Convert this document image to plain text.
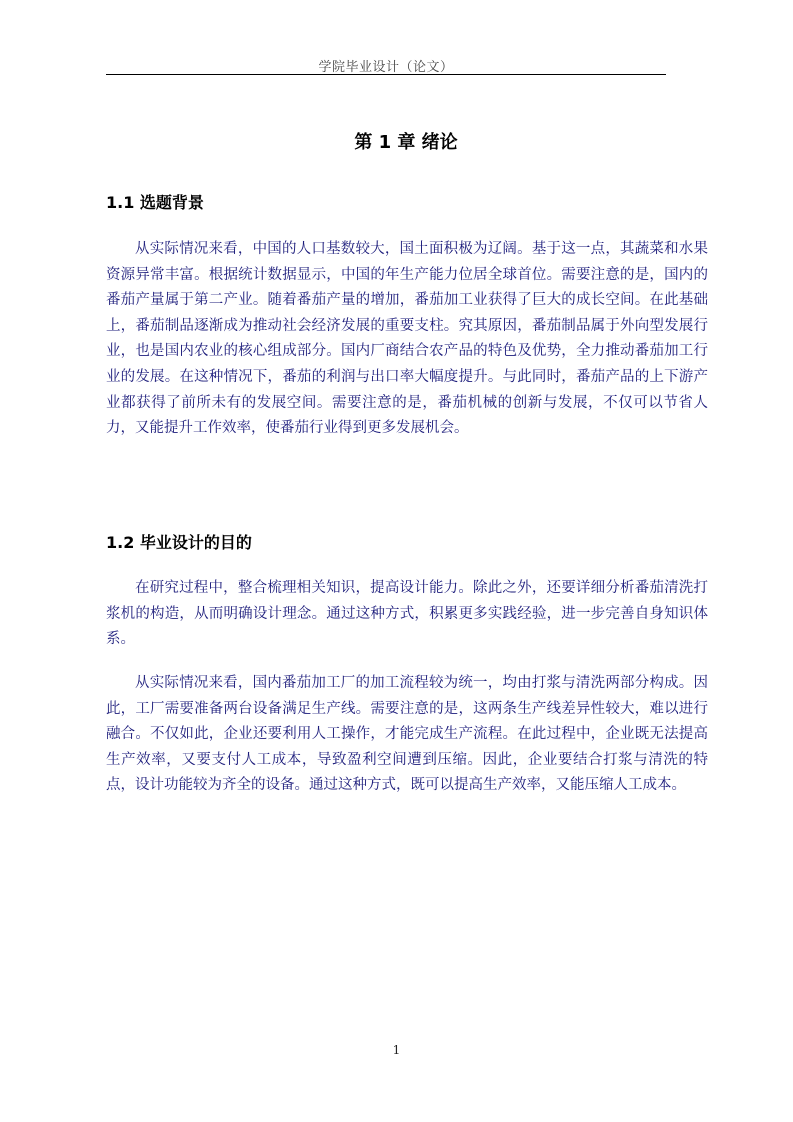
学院毕业设计（论文）
第 1 章 绪论
1.1 选题背景

从实际情况来看，中国的人口基数较大，国土面积极为辽阔。基于这一点，其蔬菜和水果资源异常丰富。根据统计数据显示，中国的年生产能力位居全球首位。需要注意的是，国内的番茄产量属于第二产业。随着番茄产量的增加，番茄加工业获得了巨大的成长空间。在此基础上，番茄制品逐渐成为推动社会经济发展的重要支柱。究其原因，番茄制品属于外向型发展行业，也是国内农业的核心组成部分。国内厂商结合农产品的特色及优势，全力推动番茄加工行业的发展。在这种情况下，番茄的利润与出口率大幅度提升。与此同时，番茄产品的上下游产业都获得了前所未有的发展空间。需要注意的是，番茄机械的创新与发展，不仅可以节省人力，又能提升工作效率，使番茄行业得到更多发展机会。

1.2 毕业设计的目的

在研究过程中，整合梳理相关知识，提高设计能力。除此之外，还要详细分析番茄清洗打浆机的构造，从而明确设计理念。通过这种方式，积累更多实践经验，进一步完善自身知识体系。

从实际情况来看，国内番茄加工厂的加工流程较为统一，均由打浆与清洗两部分构成。因此，工厂需要准备两台设备满足生产线。需要注意的是，这两条生产线差异性较大，难以进行融合。不仅如此，企业还要利用人工操作，才能完成生产流程。在此过程中，企业既无法提高生产效率，又要支付人工成本，导致盈利空间遭到压缩。因此，企业要结合打浆与清洗的特点，设计功能较为齐全的设备。通过这种方式，既可以提高生产效率，又能压缩人工成本。

1
